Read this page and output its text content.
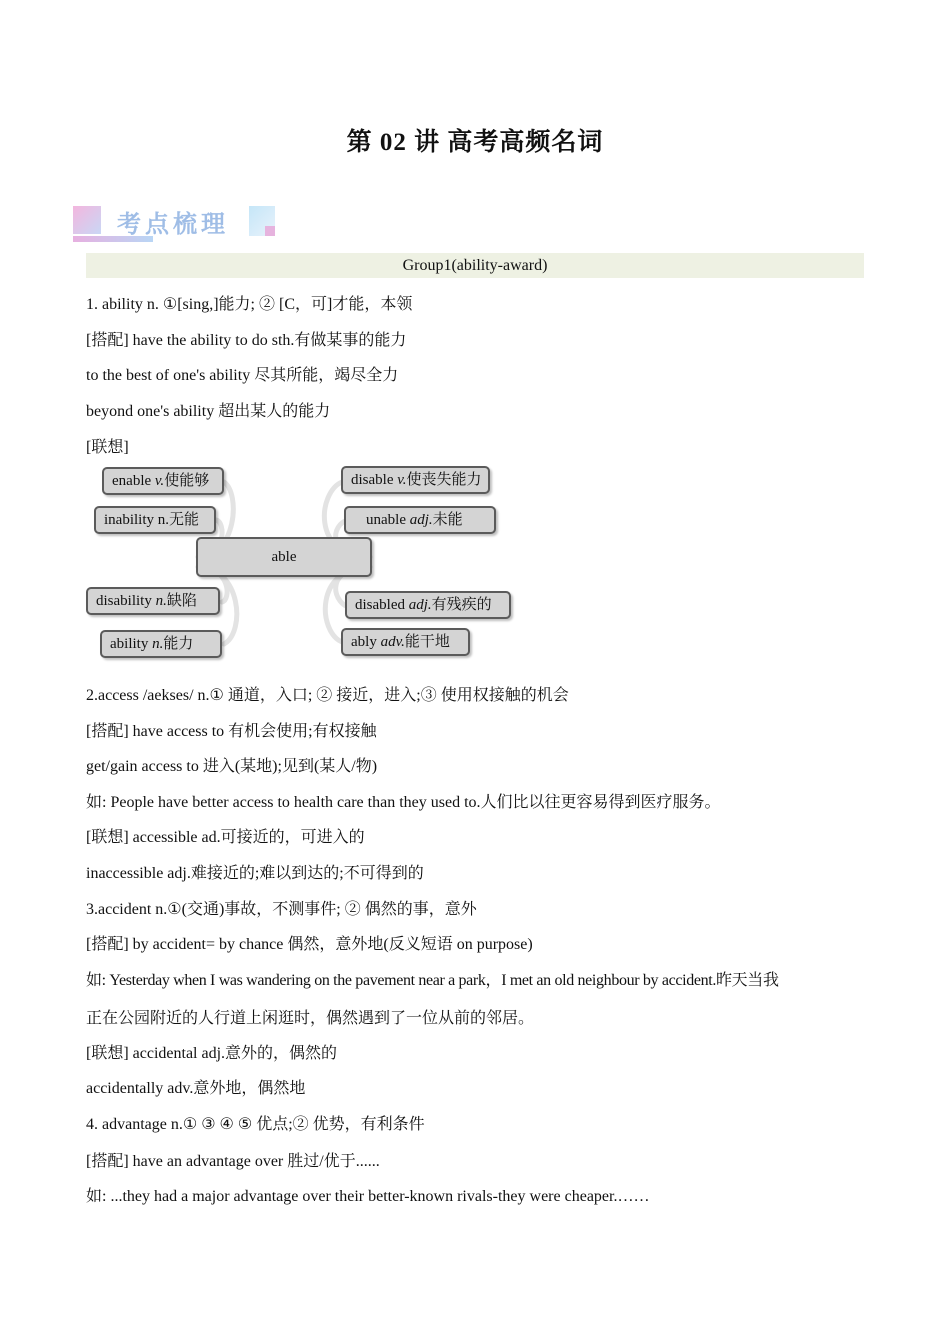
第 02 讲 高考高频名词
考点梳理
Group1(ability-award)
1. ability n. ①[sing,]能力; ② [C，可]才能，本领
[搭配] have the ability to do sth.有做某事的能力
to the best of one's ability 尽其所能，竭尽全力
beyond one's ability 超出某人的能力
[联想]
able
enable v.使能够
inability n.无能
disability n.缺陷
ability n.能力
disable v.使丧失能力
unable adj.未能
disabled adj.有残疾的
ably adv.能干地
2.access /aekses/ n.① 通道，入口; ② 接近，进入;③ 使用权接触的机会
[搭配] have access to 有机会使用;有权接触
get/gain access to 进入(某地);见到(某人/物)
如: People have better access to health care than they used to.人们比以往更容易得到医疗服务。
[联想] accessible ad.可接近的，可进入的
inaccessible adj.难接近的;难以到达的;不可得到的
3.accident n.①(交通)事故，不测事件; ② 偶然的事，意外
[搭配] by accident= by chance 偶然，意外地(反义短语 on purpose)
如: Yesterday when I was wandering on the pavement near a park，I met an old neighbour by accident.昨天当我
正在公园附近的人行道上闲逛时，偶然遇到了一位从前的邻居。
[联想] accidental adj.意外的，偶然的
accidentally adv.意外地，偶然地
4. advantage n.① ③ ④ ⑤ 优点;② 优势，有利条件
[搭配] have an advantage over 胜过/优于......
如: ...they had a major advantage over their better-known rivals-they were cheaper.……
